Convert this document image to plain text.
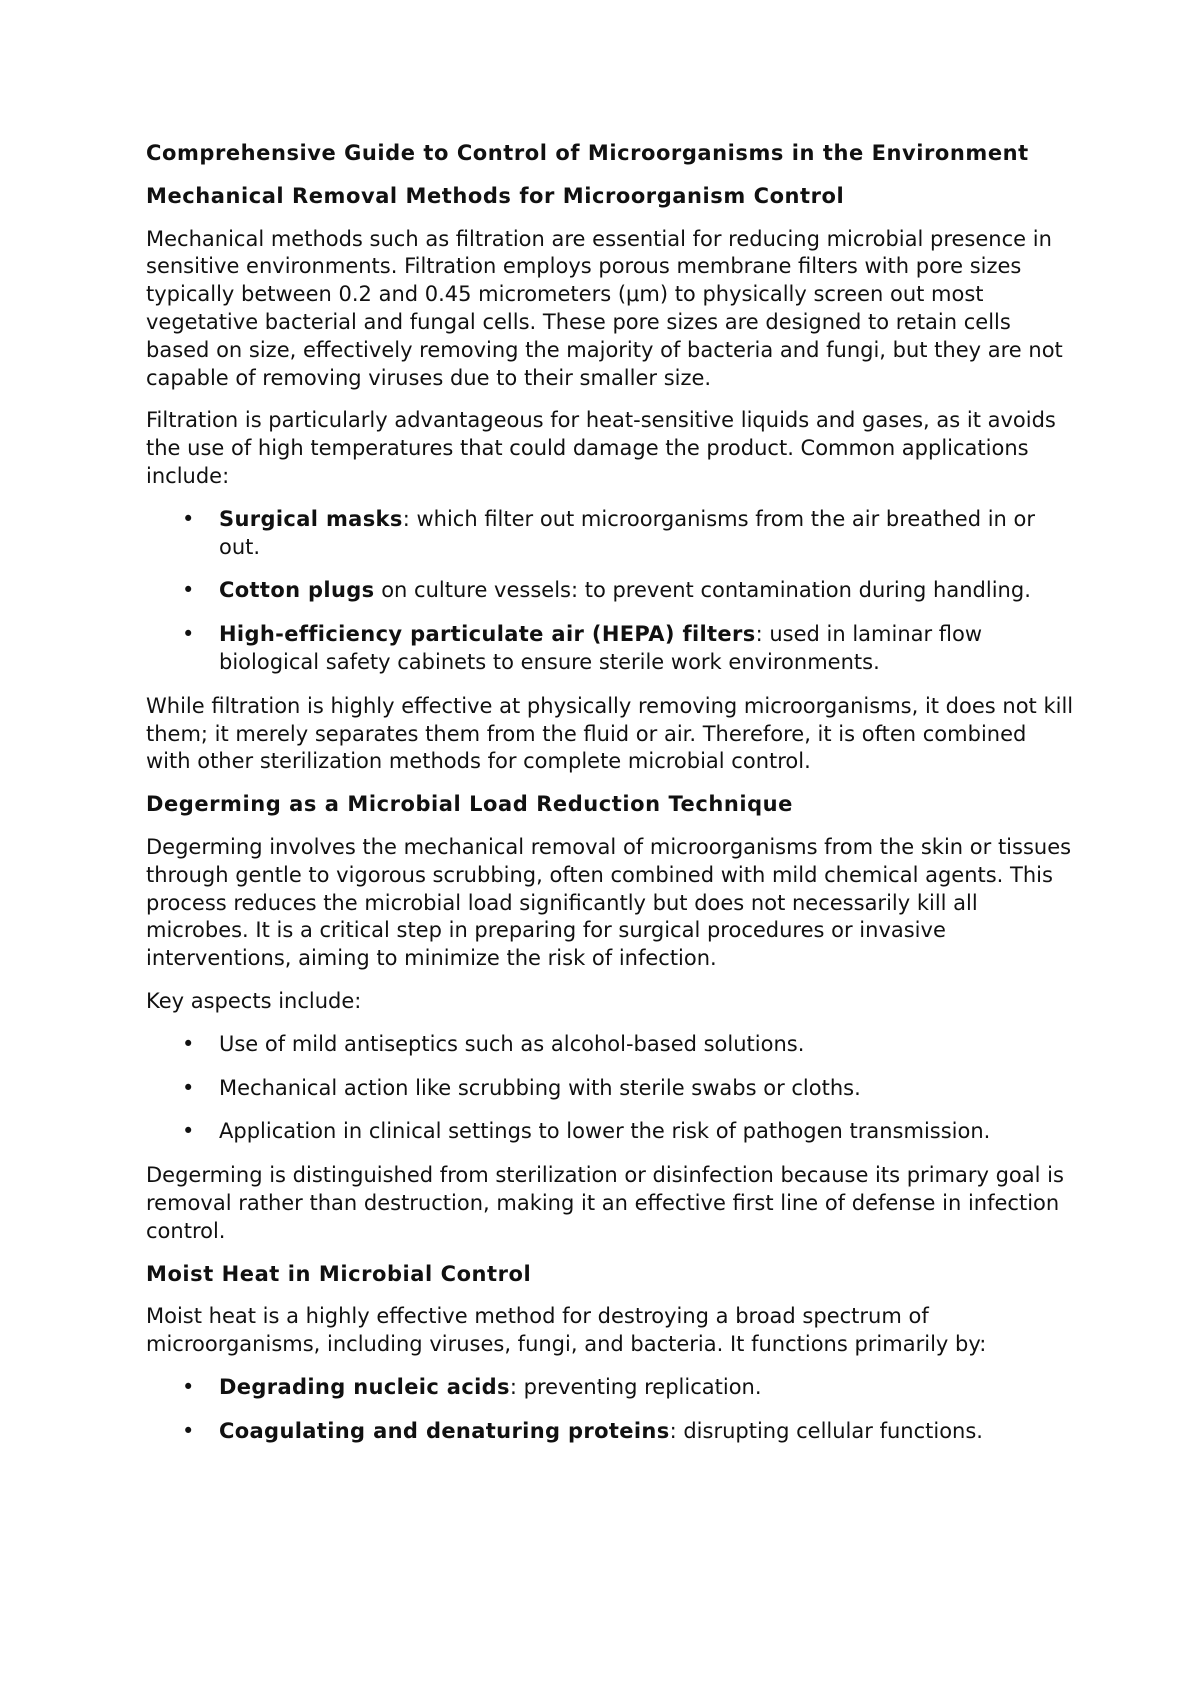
Comprehensive Guide to Control of Microorganisms in the Environment
Mechanical Removal Methods for Microorganism Control
Mechanical methods such as filtration are essential for reducing microbial presence in sensitive environments. Filtration employs porous membrane filters with pore sizes typically between 0.2 and 0.45 micrometers (μm) to physically screen out most vegetative bacterial and fungal cells. These pore sizes are designed to retain cells based on size, effectively removing the majority of bacteria and fungi, but they are not capable of removing viruses due to their smaller size.
Filtration is particularly advantageous for heat-sensitive liquids and gases, as it avoids the use of high temperatures that could damage the product. Common applications include:
• Surgical masks: which filter out microorganisms from the air breathed in or out.
• Cotton plugs on culture vessels: to prevent contamination during handling.
• High-efficiency particulate air (HEPA) filters: used in laminar flow biological safety cabinets to ensure sterile work environments.
While filtration is highly effective at physically removing microorganisms, it does not kill them; it merely separates them from the fluid or air. Therefore, it is often combined with other sterilization methods for complete microbial control.
Degerming as a Microbial Load Reduction Technique
Degerming involves the mechanical removal of microorganisms from the skin or tissues through gentle to vigorous scrubbing, often combined with mild chemical agents. This process reduces the microbial load significantly but does not necessarily kill all microbes. It is a critical step in preparing for surgical procedures or invasive interventions, aiming to minimize the risk of infection.
Key aspects include:
• Use of mild antiseptics such as alcohol-based solutions.
• Mechanical action like scrubbing with sterile swabs or cloths.
• Application in clinical settings to lower the risk of pathogen transmission.
Degerming is distinguished from sterilization or disinfection because its primary goal is removal rather than destruction, making it an effective first line of defense in infection control.
Moist Heat in Microbial Control
Moist heat is a highly effective method for destroying a broad spectrum of microorganisms, including viruses, fungi, and bacteria. It functions primarily by:
• Degrading nucleic acids: preventing replication.
• Coagulating and denaturing proteins: disrupting cellular functions.
